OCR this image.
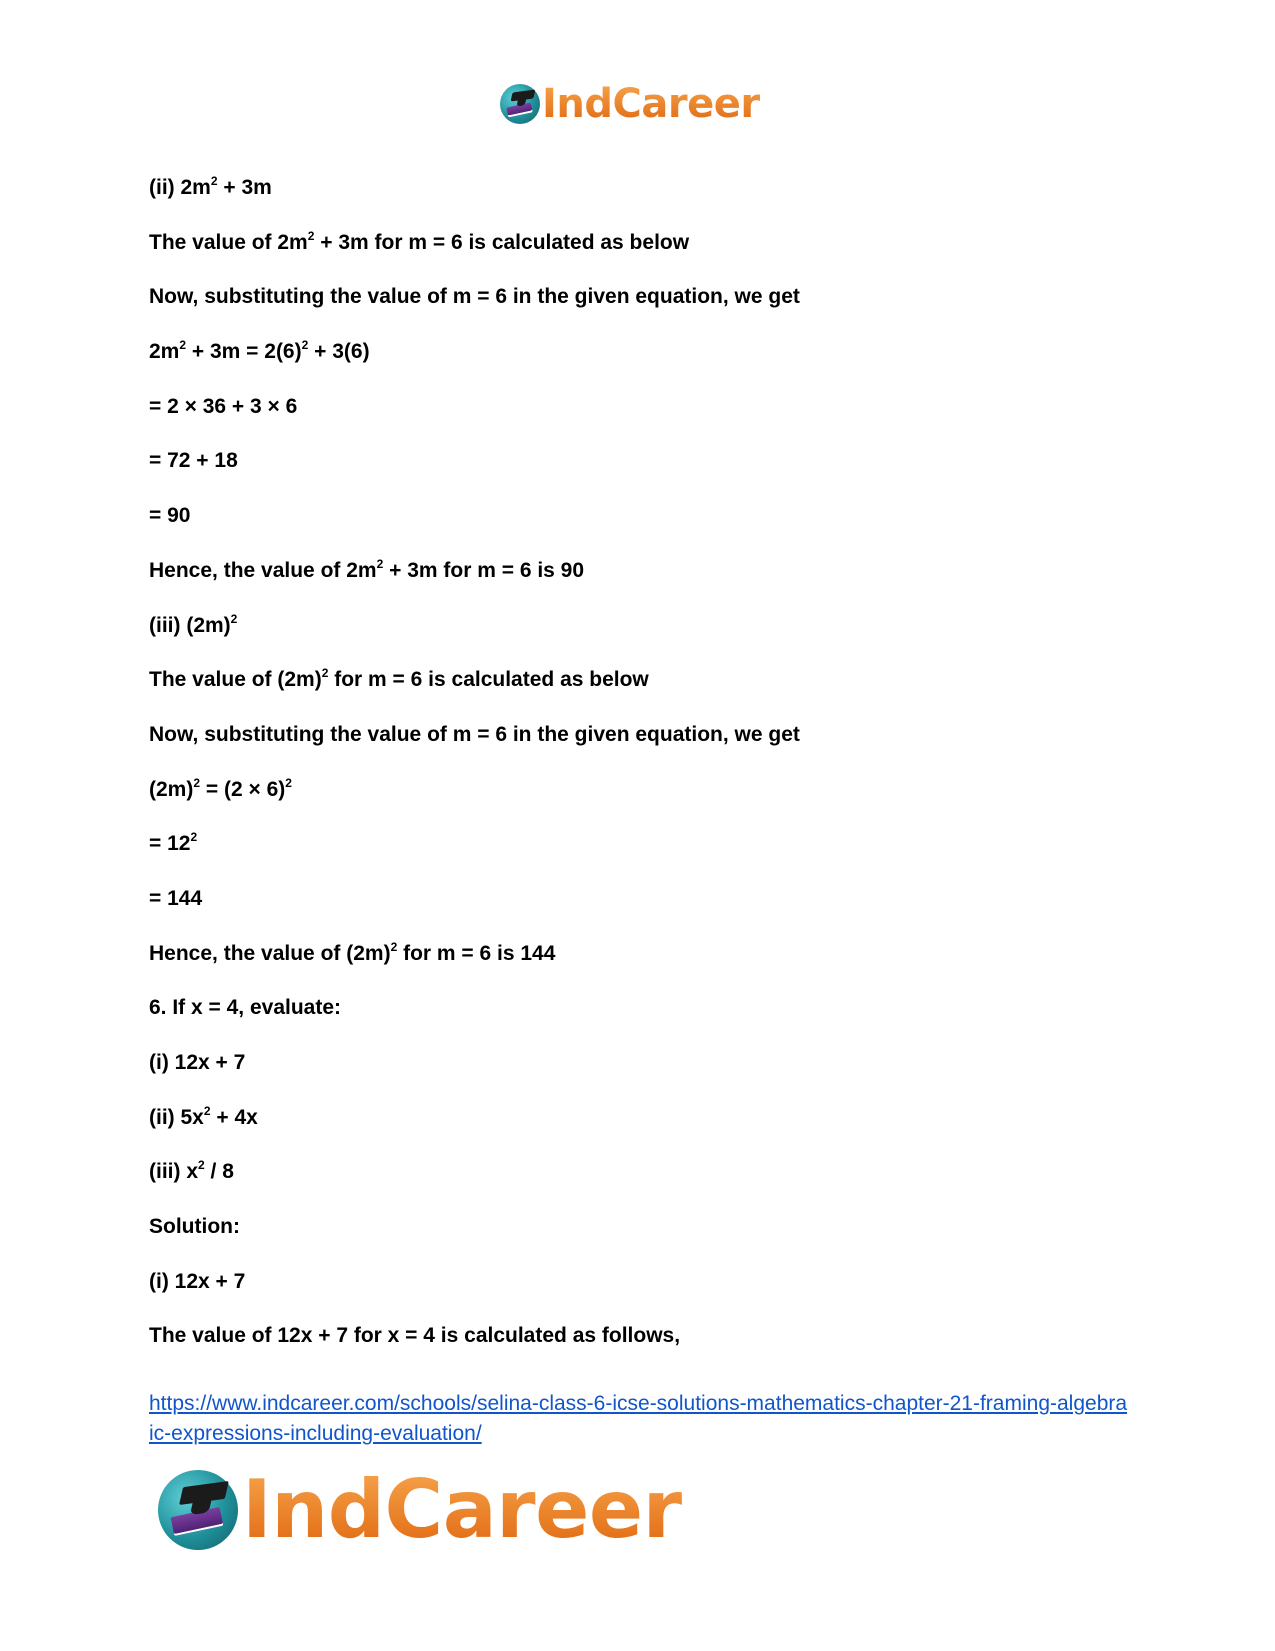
IndCareer
(ii) $2m^2 + 3m$
The value of $2m^2 + 3m$ for m = 6 is calculated as below
Now, substituting the value of m = 6 in the given equation, we get
$2m^2 + 3m = 2(6)^2 + 3(6)$
= 2 × 36 + 3 × 6
= 72 + 18
= 90
Hence, the value of $2m^2 + 3m$ for m = 6 is 90
(iii) $(2m)^2$
The value of $(2m)^2$ for m = 6 is calculated as below
Now, substituting the value of m = 6 in the given equation, we get
$(2m)^2 = (2 \times 6)^2$
= $12^2$
= 144
Hence, the value of $(2m)^2$ for m = 6 is 144
6. If x = 4, evaluate:
(i) 12x + 7
(ii) $5x^2 + 4x$
(iii) $x^2 / 8$
Solution:
(i) 12x + 7
The value of 12x + 7 for x = 4 is calculated as follows,
https://www.indcareer.com/schools/selina-class-6-icse-solutions-mathematics-chapter-21-framing-algebraic-expressions-including-evaluation/
IndCareer
